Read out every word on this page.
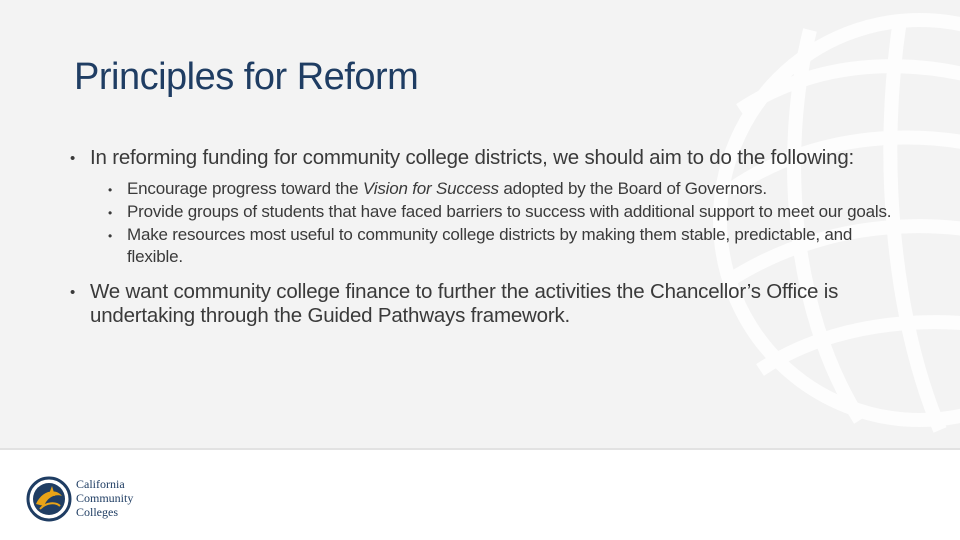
Principles for Reform
• In reforming funding for community college districts, we should aim to do the following:
• Encourage progress toward the Vision for Success adopted by the Board of Governors.
• Provide groups of students that have faced barriers to success with additional support to meet our goals.
• Make resources most useful to community college districts by making them stable, predictable, and flexible.
• We want community college finance to further the activities the Chancellor’s Office is undertaking through the Guided Pathways framework.
California
Community
Colleges
